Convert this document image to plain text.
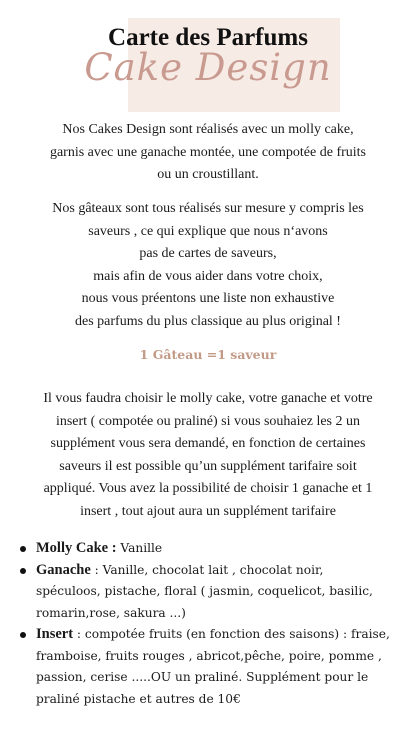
Carte des Parfums
Cake Design
Nos Cakes Design sont réalisés avec un molly cake,
garnis avec une ganache montée, une compotée de fruits
ou un croustillant.
Nos gâteaux sont tous réalisés sur mesure y compris les
saveurs , ce qui explique que nous n‘avons
pas de cartes de saveurs,
mais afin de vous aider dans votre choix,
nous vous préentons une liste non exhaustive
des parfums du plus classique au plus original !
1 Gâteau =1 saveur
Il vous faudra choisir le molly cake, votre ganache et votre
insert ( compotée ou praliné) si vous souhaiez les 2 un
supplément vous sera demandé, en fonction de certaines
saveurs il est possible qu’un supplément tarifaire soit
appliqué. Vous avez la possibilité de choisir 1 ganache et 1
insert , tout ajout aura un supplément tarifaire
Molly Cake : Vanille
Ganache : Vanille, chocolat lait , chocolat noir,
spéculoos, pistache, floral ( jasmin, coquelicot, basilic,
romarin,rose, sakura ...)
Insert : compotée fruits (en fonction des saisons) : fraise,
framboise, fruits rouges , abricot,pêche, poire, pomme ,
passion, cerise .....OU un praliné. Supplément pour le
praliné pistache et autres de 10€
